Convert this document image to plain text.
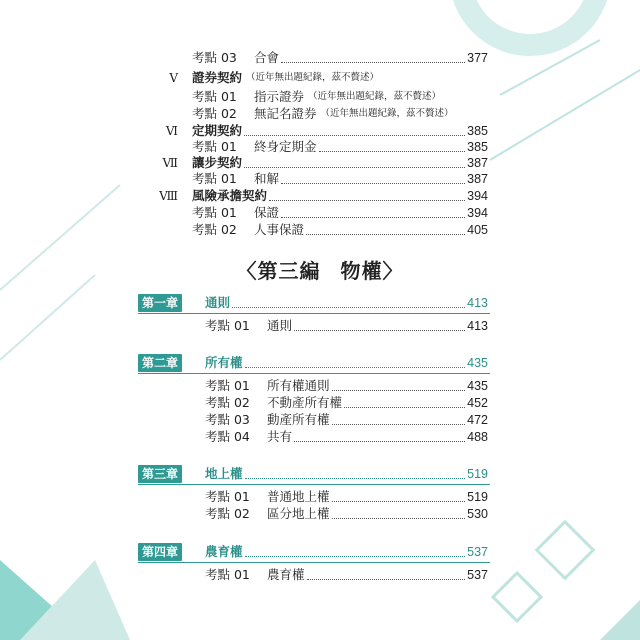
考點 03	合會	377
Ⅴ 證券契約 （近年無出題紀錄，茲不贅述）
考點 01	指示證券 （近年無出題紀錄，茲不贅述）
考點 02	無記名證券 （近年無出題紀錄，茲不贅述）
Ⅵ 定期契約	385
考點 01	終身定期金	385
Ⅶ 讓步契約	387
考點 01	和解	387
Ⅷ 風險承擔契約	394
考點 01	保證	394
考點 02	人事保證	405
〈第三編 物權〉
第一章	通則	413
考點 01	通則	413
第二章	所有權	435
考點 01	所有權通則	435
考點 02	不動產所有權	452
考點 03	動產所有權	472
考點 04	共有	488
第三章	地上權	519
考點 01	普通地上權	519
考點 02	區分地上權	530
第四章	農育權	537
考點 01	農育權	537
